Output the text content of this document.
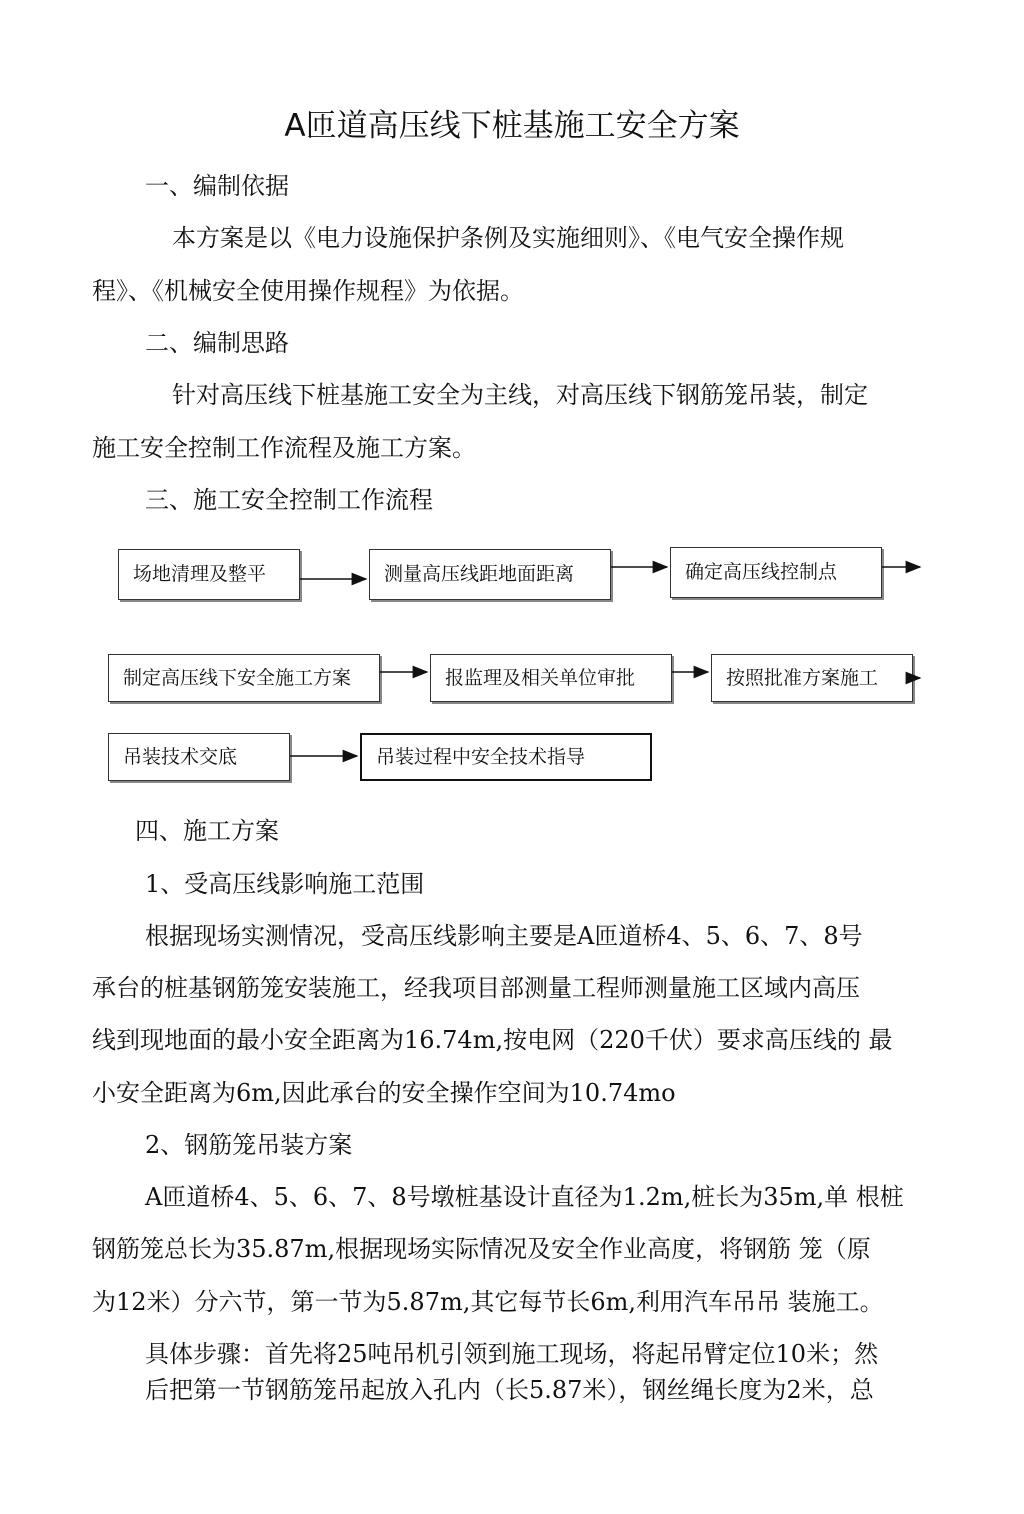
A匝道高压线下桩基施工安全方案
一、编制依据
本方案是以《电力设施保护条例及实施细则》、《电气安全操作规
程》、《机械安全使用操作规程》为依据。
二、编制思路
针对高压线下桩基施工安全为主线，对高压线下钢筋笼吊装，制定
施工安全控制工作流程及施工方案。
三、施工安全控制工作流程
场地清理及整平	测量高压线距地面距离	确定高压线控制点
制定高压线下安全施工方案	报监理及相关单位审批	按照批准方案施工
吊装技术交底	吊装过程中安全技术指导
四、施工方案
1、受高压线影响施工范围
根据现场实测情况，受高压线影响主要是A匝道桥4、5、6、7、8号
承台的桩基钢筋笼安装施工，经我项目部测量工程师测量施工区域内高压
线到现地面的最小安全距离为16.74m,按电网（220千伏）要求高压线的 最
小安全距离为6m,因此承台的安全操作空间为10.74mo
2、钢筋笼吊装方案
A匝道桥4、5、6、7、8号墩桩基设计直径为1.2m,桩长为35m,单 根桩
钢筋笼总长为35.87m,根据现场实际情况及安全作业高度，将钢筋 笼（原
为12米）分六节，第一节为5.87m,其它每节长6m,利用汽车吊吊 装施工。
具体步骤：首先将25吨吊机引领到施工现场，将起吊臂定位10米；然
后把第一节钢筋笼吊起放入孔内（长5.87米），钢丝绳长度为2米，总
